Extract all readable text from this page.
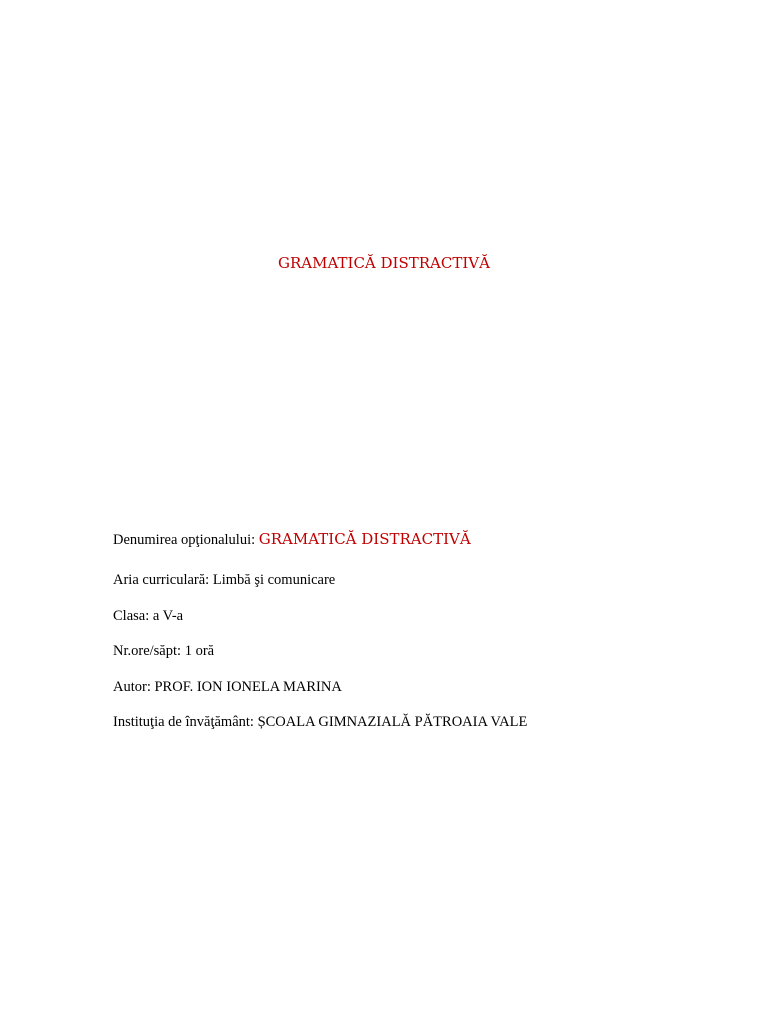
GRAMATICĂ DISTRACTIVĂ
Denumirea opţionalului: GRAMATICĂ DISTRACTIVĂ
Aria curriculară: Limbă şi comunicare
Clasa: a V-a
Nr.ore/săpt: 1 oră
Autor: PROF. ION IONELA MARINA
Instituţia de învăţământ: ȘCOALA GIMNAZIALĂ PĂTROAIA VALE
